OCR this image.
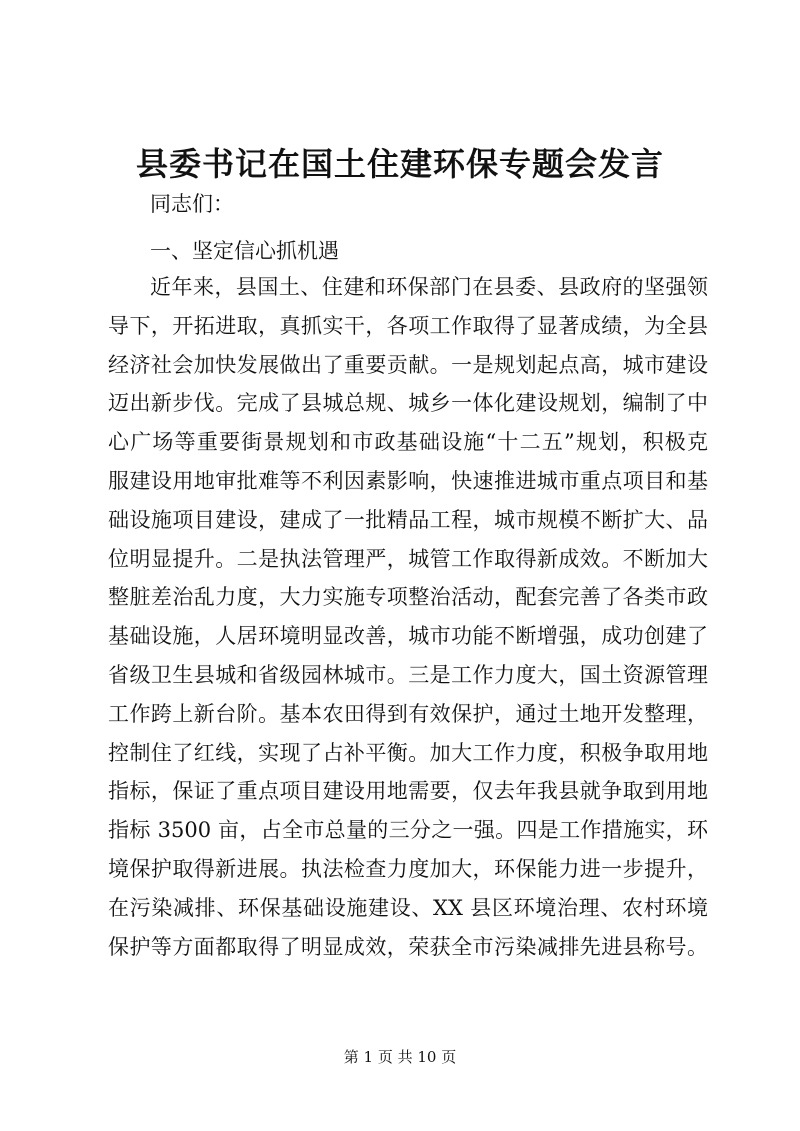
县委书记在国土住建环保专题会发言
同志们：
一、坚定信心抓机遇
近年来，县国土、住建和环保部门在县委、县政府的坚强领
导下，开拓进取，真抓实干，各项工作取得了显著成绩，为全县
经济社会加快发展做出了重要贡献。一是规划起点高，城市建设
迈出新步伐。完成了县城总规、城乡一体化建设规划，编制了中
心广场等重要街景规划和市政基础设施“十二五”规划，积极克
服建设用地审批难等不利因素影响，快速推进城市重点项目和基
础设施项目建设，建成了一批精品工程，城市规模不断扩大、品
位明显提升。二是执法管理严，城管工作取得新成效。不断加大
整脏差治乱力度，大力实施专项整治活动，配套完善了各类市政
基础设施，人居环境明显改善，城市功能不断增强，成功创建了
省级卫生县城和省级园林城市。三是工作力度大，国土资源管理
工作跨上新台阶。基本农田得到有效保护，通过土地开发整理，
控制住了红线，实现了占补平衡。加大工作力度，积极争取用地
指标，保证了重点项目建设用地需要，仅去年我县就争取到用地
指标 3500 亩，占全市总量的三分之一强。四是工作措施实，环
境保护取得新进展。执法检查力度加大，环保能力进一步提升，
在污染减排、环保基础设施建设、XX 县区环境治理、农村环境
保护等方面都取得了明显成效，荣获全市污染减排先进县称号。
第 1 页 共 10 页
